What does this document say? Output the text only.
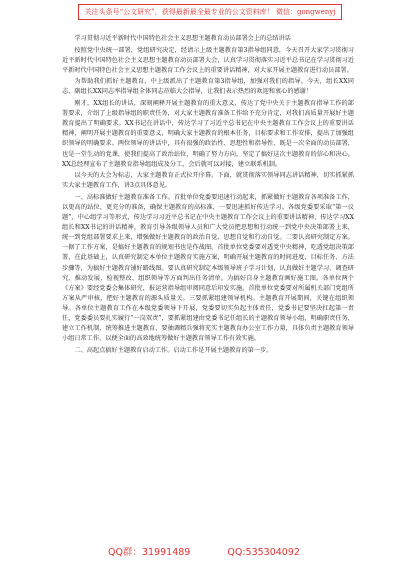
关注头条号“公文研究”，获得最新最全最专业的公文资料库！ 微信：gongwenyj

学习贯彻习近平新时代中国特色社会主义思想主题教育动员部署会上的总结讲话

按照党中央统一部署，党组研究决定，经请示上级主题教育第3指导组同意，今天召开大家学习贯彻习近平新时代中国特色社会主义思想主题教育动员部署大会，认真学习贯彻落实习近平总书记在学习贯彻习近平新时代中国特色社会主义思想主题教育工作会议上的重要讲话精神，对大家开展主题教育进行动员部署。

为帮助我们抓好主题教育，中上级派出了主题教育第3指导组，加强对我们的指导。今天，组长XX同志、副组长XX同志率指导组全体同志莅临大会指导，让我们表示热烈的欢迎和衷心的感谢！

刚才，XX组长的讲话，深刻阐释开展主题教育的重大意义，传达了党中央关于主题教育指导工作的部署要求，介绍了上级指导组的职责任务，对大家主题教育准备工作给予充分肯定，对我们高质量开展好主题教育提出了明确要求。XX书记在讲话中，传达学习了习近平总书记在中央主题教育工作会议上的重要讲话精神，阐明开展主题教育的重要意义，明确大家主题教育的根本任务，目标要求和工作安排，提出了加强组织领导的明确要求。两位领导的讲话中，具有很强的政治性、思想性和指导性，既是一次全面的动员部署，也是一堂生动的党课，使我们提高了政治站位，明确了努力方向，坚定了搞好这次主题教育的信心和决心。XX总经理宣布了主题教育指导组组成及分工，会后就可以对接，建立联系机制。

以今天的大会为标志，大家主题教育正式拉开序幕。下面，就贯彻落实领导同志讲话精神，切实抓紧抓实大家主题教育工作，讲3点具体意见。

一、高标准做好主题教育准备工作。首批单位党委要迅速行动起来，抓紧做好主题教育各项准备工作，以更高的站位、更充分的准备，确保主题教育的高标准，一要迅速抓好传达学习。各级党委要采取“第一议题”、中心组学习等形式，传达学习习近平总书记在中央主题教育工作会议上的重要讲话精神，传达学习XX组长和XX书记的讲话精神，教育引导各级领导人员和广大党员把思想和行动统一到党中央决策部署上来，统一到党组部署要求上来，增强做好主题教育的政治自觉、思想自觉和行动自觉。二要认真研究制定方案。一据了工作方案，是搞好主题教育的规划书也是作战图。首批单位党委要对透党中央精神，吃透党组决策部署，在此基础上，认真研究制定本单位主题教育实施方案，明确开展主题教育的时间进度、目标任务、方法步骤等，为搞好主题教育铺好路线图。要认真研究制定本级领导班子学习计划，认真做好主题学习、调查研究、推动发展、检视整改、组织领导等方面判出任务清单。为搞好自身主题教育画好施工图。各单位两个《方案》要经党委会集体研究，报运营指导组审阅同意后印发实施。首批单位党委要对所属机关部门党组所方案从严审核，把好主题教育的源头质量关。三要抓紧组建领导机构。主题教育开展期间，关键在组织领导。各单位主题教育工作在本级党委领导下开展，党委要切实负起主体责任，党委书记要坚决扛起第一责任，党委委员要扎实履行“一岗双责”，要抓紧组建由党委书记任组长的主题教育领导小组，明确职责任务，建立工作机制，统筹推进主题教育，要抽调精兵强将充实主题教育办公室工作力量，具体负责主题教育领导小组日常工作，以便全面的高效地统筹做好主题教育领导工作有效实施。

二、高起点搞好主题教育启动工作。启动工作是开展主题教育的第一步。

QQ群：31991489	QQ:535304092
